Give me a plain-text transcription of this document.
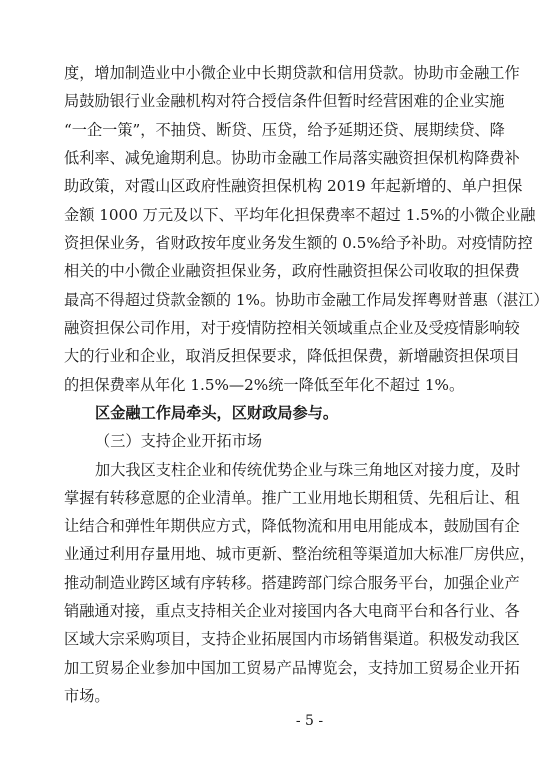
度，增加制造业中小微企业中长期贷款和信用贷款。协助市金融工作
局鼓励银行业金融机构对符合授信条件但暂时经营困难的企业实施
“一企一策”，不抽贷、断贷、压贷，给予延期还贷、展期续贷、降
低利率、减免逾期利息。协助市金融工作局落实融资担保机构降费补
助政策，对霞山区政府性融资担保机构 2019 年起新增的、单户担保
金额 1000 万元及以下、平均年化担保费率不超过 1.5%的小微企业融
资担保业务，省财政按年度业务发生额的 0.5%给予补助。对疫情防控
相关的中小微企业融资担保业务，政府性融资担保公司收取的担保费
最高不得超过贷款金额的 1%。协助市金融工作局发挥粤财普惠（湛江）
融资担保公司作用，对于疫情防控相关领域重点企业及受疫情影响较
大的行业和企业，取消反担保要求，降低担保费，新增融资担保项目
的担保费率从年化 1.5%—2%统一降低至年化不超过 1%。
区金融工作局牵头，区财政局参与。
（三）支持企业开拓市场
加大我区支柱企业和传统优势企业与珠三角地区对接力度，及时
掌握有转移意愿的企业清单。推广工业用地长期租赁、先租后让、租
让结合和弹性年期供应方式，降低物流和用电用能成本，鼓励国有企
业通过利用存量用地、城市更新、整治统租等渠道加大标准厂房供应，
推动制造业跨区域有序转移。搭建跨部门综合服务平台，加强企业产
销融通对接，重点支持相关企业对接国内各大电商平台和各行业、各
区域大宗采购项目，支持企业拓展国内市场销售渠道。积极发动我区
加工贸易企业参加中国加工贸易产品博览会，支持加工贸易企业开拓
市场。
- 5 -
